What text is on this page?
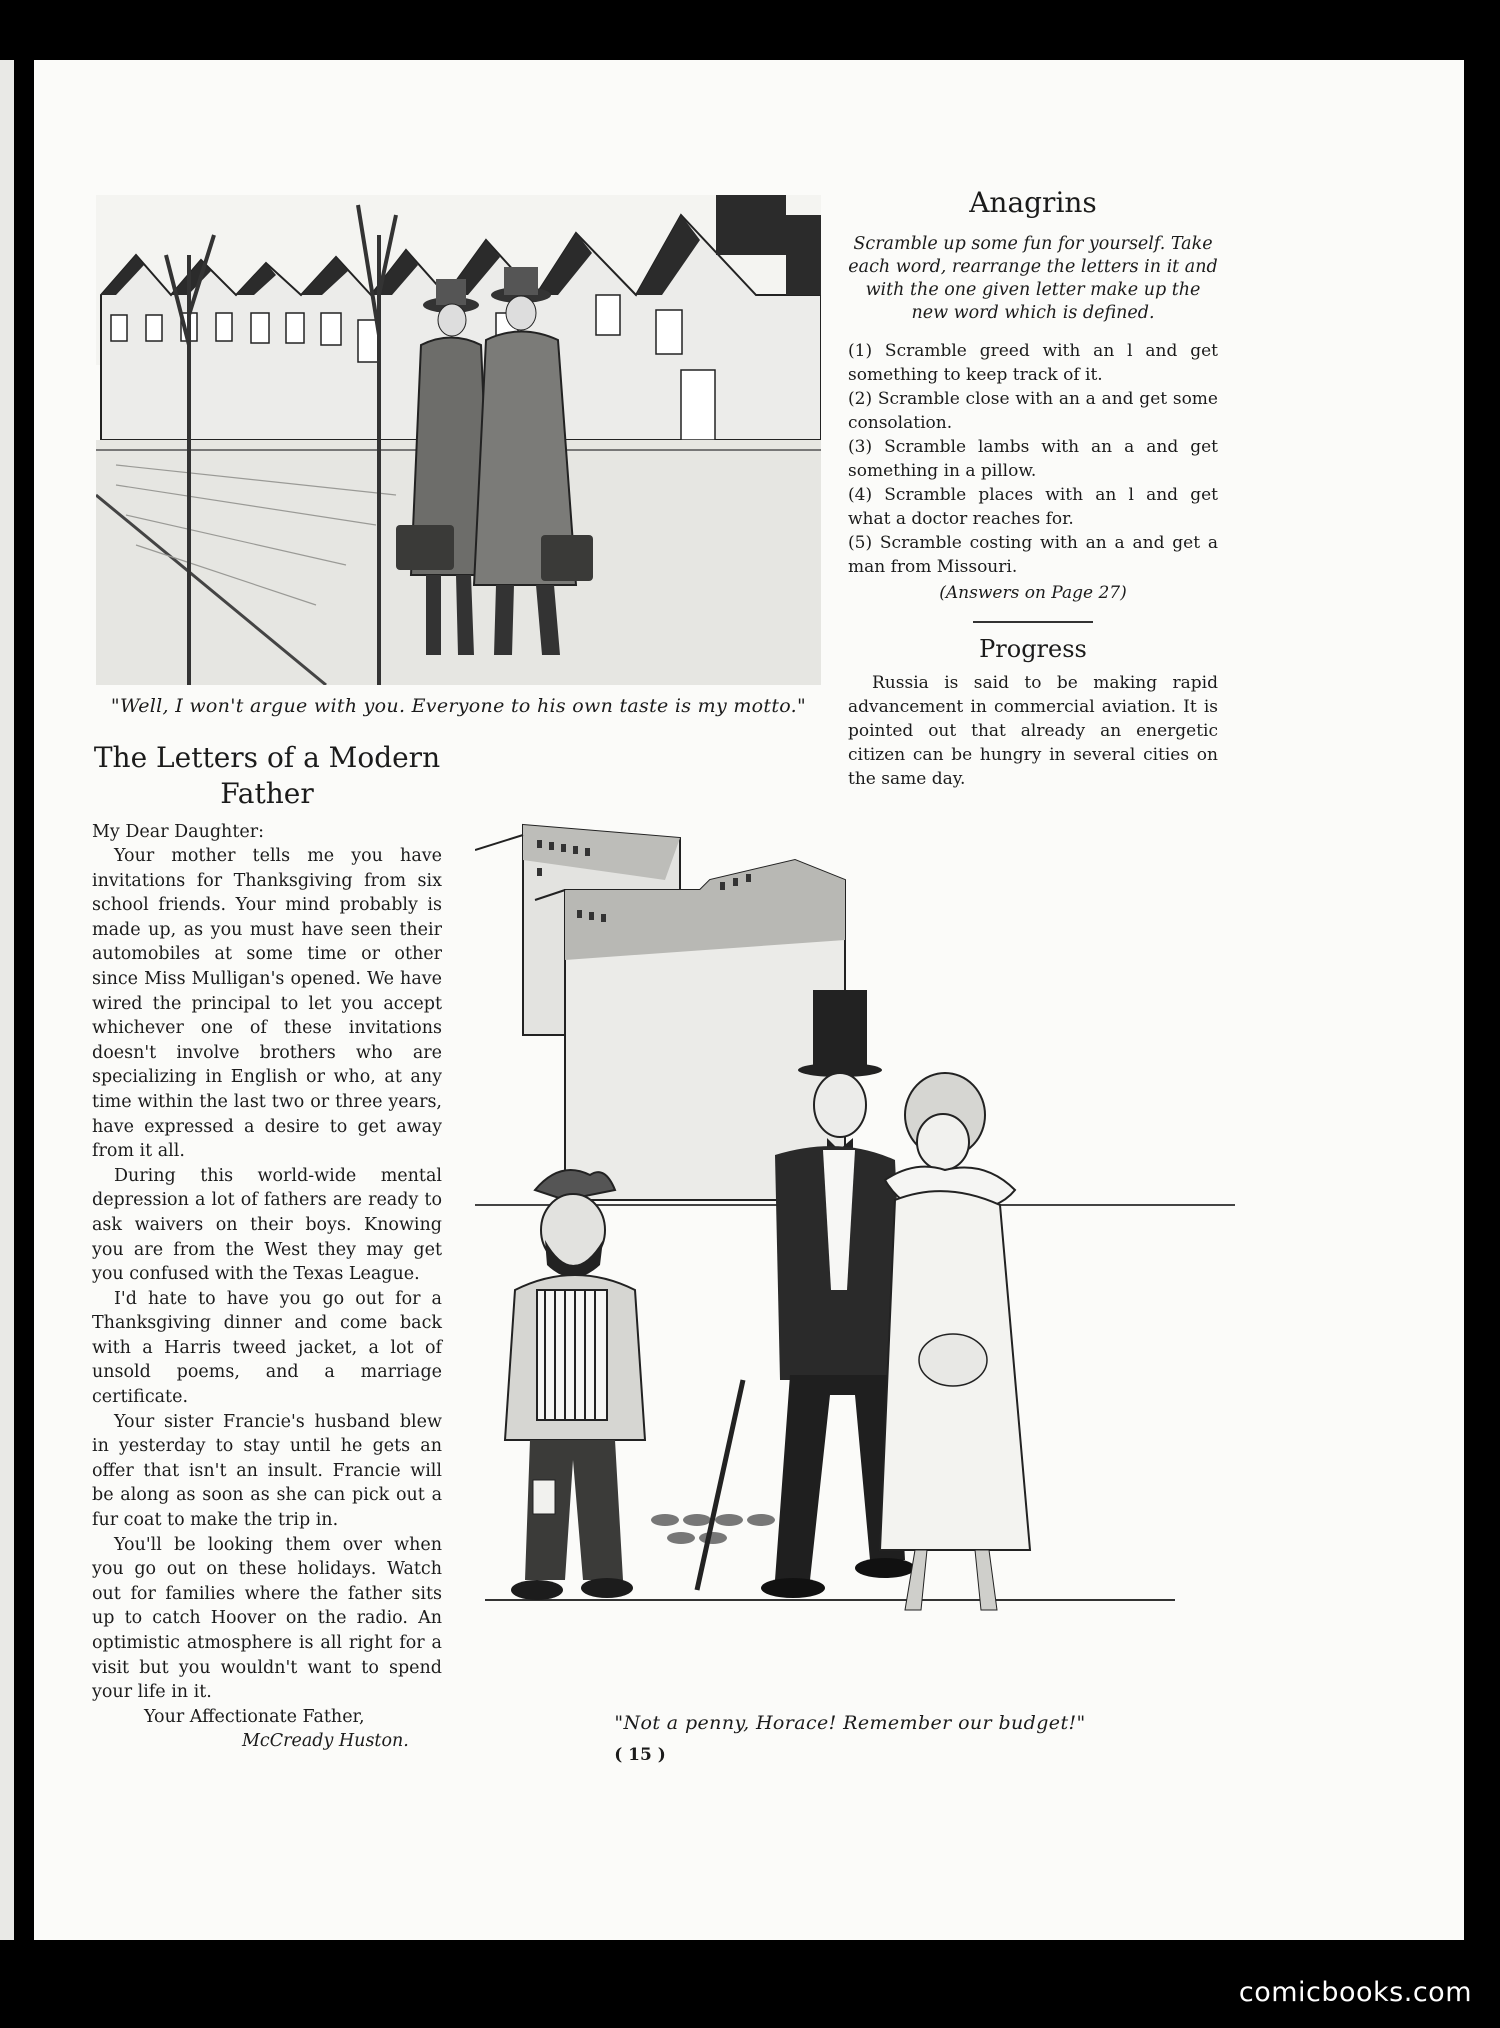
"Well, I won't argue with you. Everyone to his own taste is my motto."
Anagrins

Scramble up some fun for yourself. Take each word, rearrange the letters in it and with the one given letter make up the new word which is defined.

(1) Scramble greed with an l and get something to keep track of it.

(2) Scramble close with an a and get some consolation.

(3) Scramble lambs with an a and get something in a pillow.

(4) Scramble places with an l and get what a doctor reaches for.

(5) Scramble costing with an a and get a man from Missouri.

(Answers on Page 27)
Progress

Russia is said to be making rapid advancement in commercial aviation. It is pointed out that already an energetic citizen can be hungry in several cities on the same day.

The Letters of a Modern Father

My Dear Daughter:

Your mother tells me you have invitations for Thanksgiving from six school friends. Your mind probably is made up, as you must have seen their automobiles at some time or other since Miss Mulligan's opened. We have wired the principal to let you accept whichever one of these invitations doesn't involve brothers who are specializing in English or who, at any time within the last two or three years, have expressed a desire to get away from it all.

During this world-wide mental depression a lot of fathers are ready to ask waivers on their boys. Knowing you are from the West they may get you confused with the Texas League.

I'd hate to have you go out for a Thanksgiving dinner and come back with a Harris tweed jacket, a lot of unsold poems, and a marriage certificate.

Your sister Francie's husband blew in yesterday to stay until he gets an offer that isn't an insult. Francie will be along as soon as she can pick out a fur coat to make the trip in.

You'll be looking them over when you go out on these holidays. Watch out for families where the father sits up to catch Hoover on the radio. An optimistic atmosphere is all right for a visit but you wouldn't want to spend your life in it.

Your Affectionate Father,

McCready Huston.

"Not a penny, Horace! Remember our budget!"
( 15 )
comicbooks.com
